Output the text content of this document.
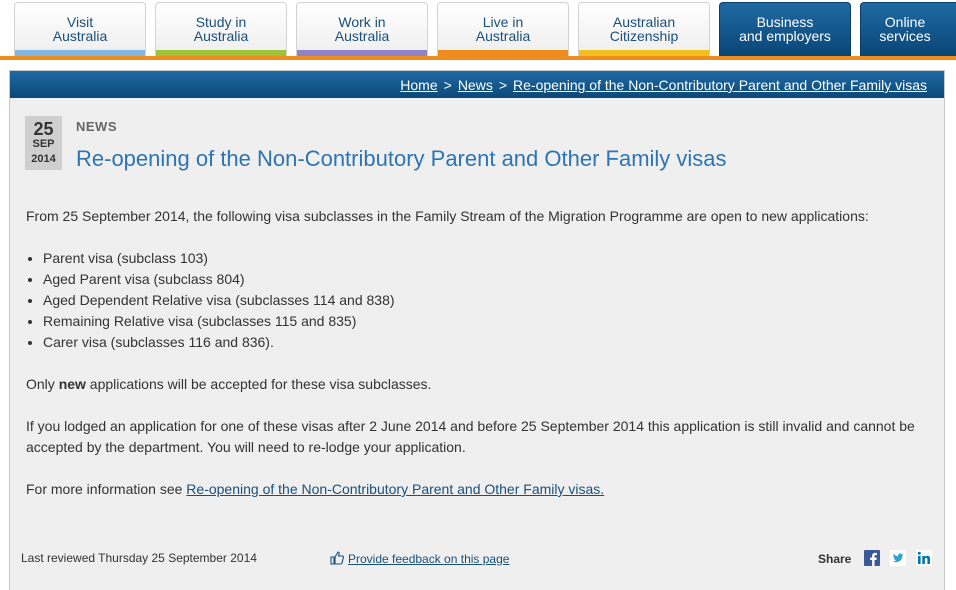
Visit
Australia
Study in
Australia
Work in
Australia
Live in
Australia
Australian
Citizenship
Business
and employers
Online
services
Home > News > Re-opening of the Non-Contributory Parent and Other Family visas
25
SEP
2014
NEWS
Re-opening of the Non-Contributory Parent and Other Family visas

From 25 September 2014, the following visa subclasses in the Family Stream of the Migration Programme are open to new applications:

• Parent visa (subclass 103)
• Aged Parent visa (subclass 804)
• Aged Dependent Relative visa (subclasses 114 and 838)
• Remaining Relative visa (subclasses 115 and 835)
• Carer visa (subclasses 116 and 836).

Only new applications will be accepted for these visa subclasses.

If you lodged an application for one of these visas after 2 June 2014 and before 25 September 2014 this application is still invalid and cannot be accepted by the department. You will need to re-lodge your application.

For more information see Re-opening of the Non-Contributory Parent and Other Family visas.

Last reviewed Thursday 25 September 2014	Provide feedback on this page	Share
